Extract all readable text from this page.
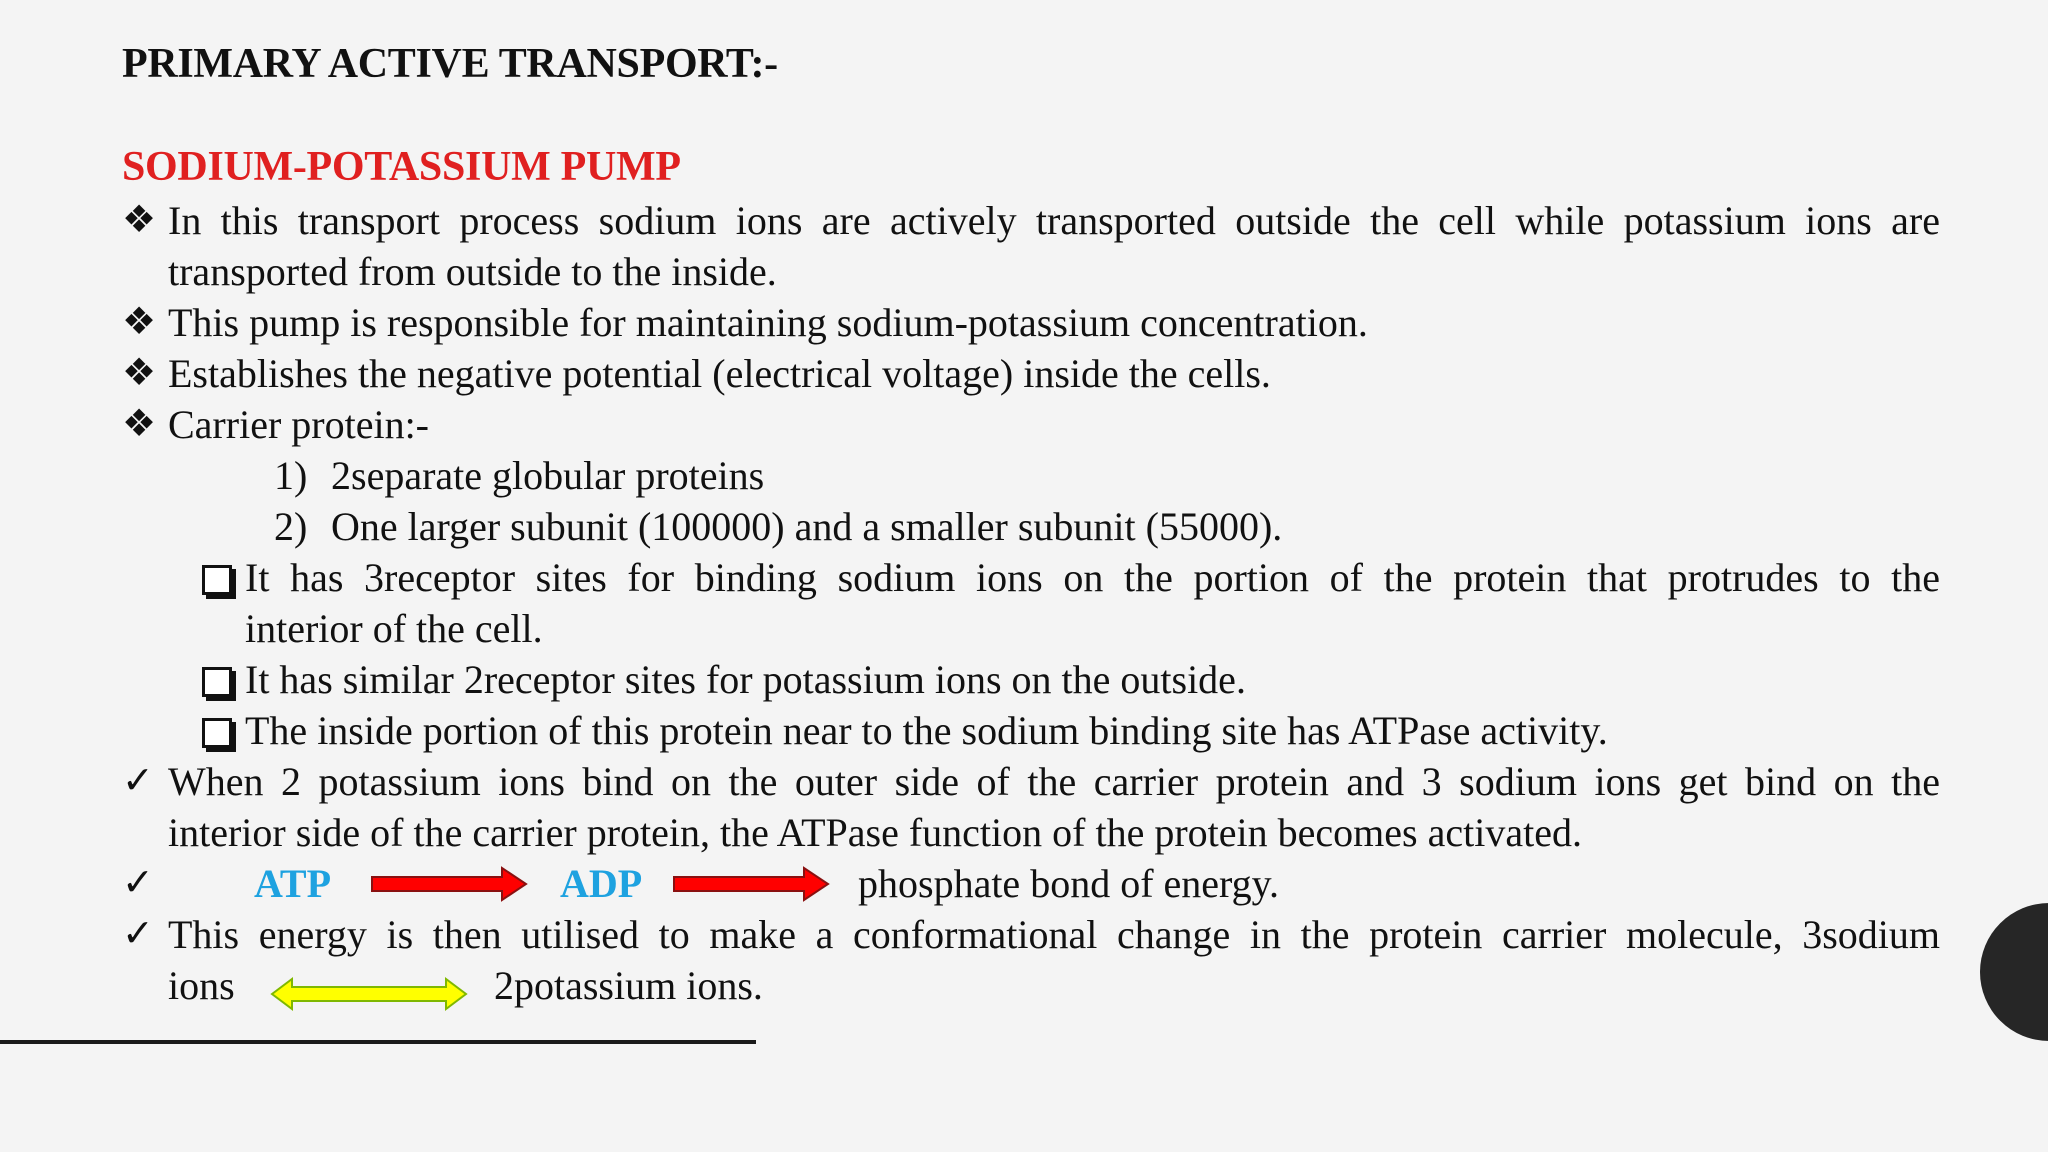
PRIMARY ACTIVE TRANSPORT:-
SODIUM-POTASSIUM PUMP
❖ In this transport process sodium ions are actively transported outside the cell while potassium ions are
transported from outside to the inside.
❖ This pump is responsible for maintaining sodium-potassium concentration.
❖ Establishes the negative potential (electrical voltage) inside the cells.
❖ Carrier protein:-
1) 2separate globular proteins
2) One larger subunit (100000) and a smaller subunit (55000).
It has 3receptor sites for binding sodium ions on the portion of the protein that protrudes to the
interior of the cell.
It has similar 2receptor sites for potassium ions on the outside.
The inside portion of this protein near to the sodium binding site has ATPase activity.
✓ When 2 potassium ions bind on the outer side of the carrier protein and 3 sodium ions get bind on the
interior side of the carrier protein, the ATPase function of the protein becomes activated.
✓	ATP	ADP	phosphate bond of energy.
✓ This energy is then utilised to make a conformational change in the protein carrier molecule, 3sodium
ions	2potassium ions.
